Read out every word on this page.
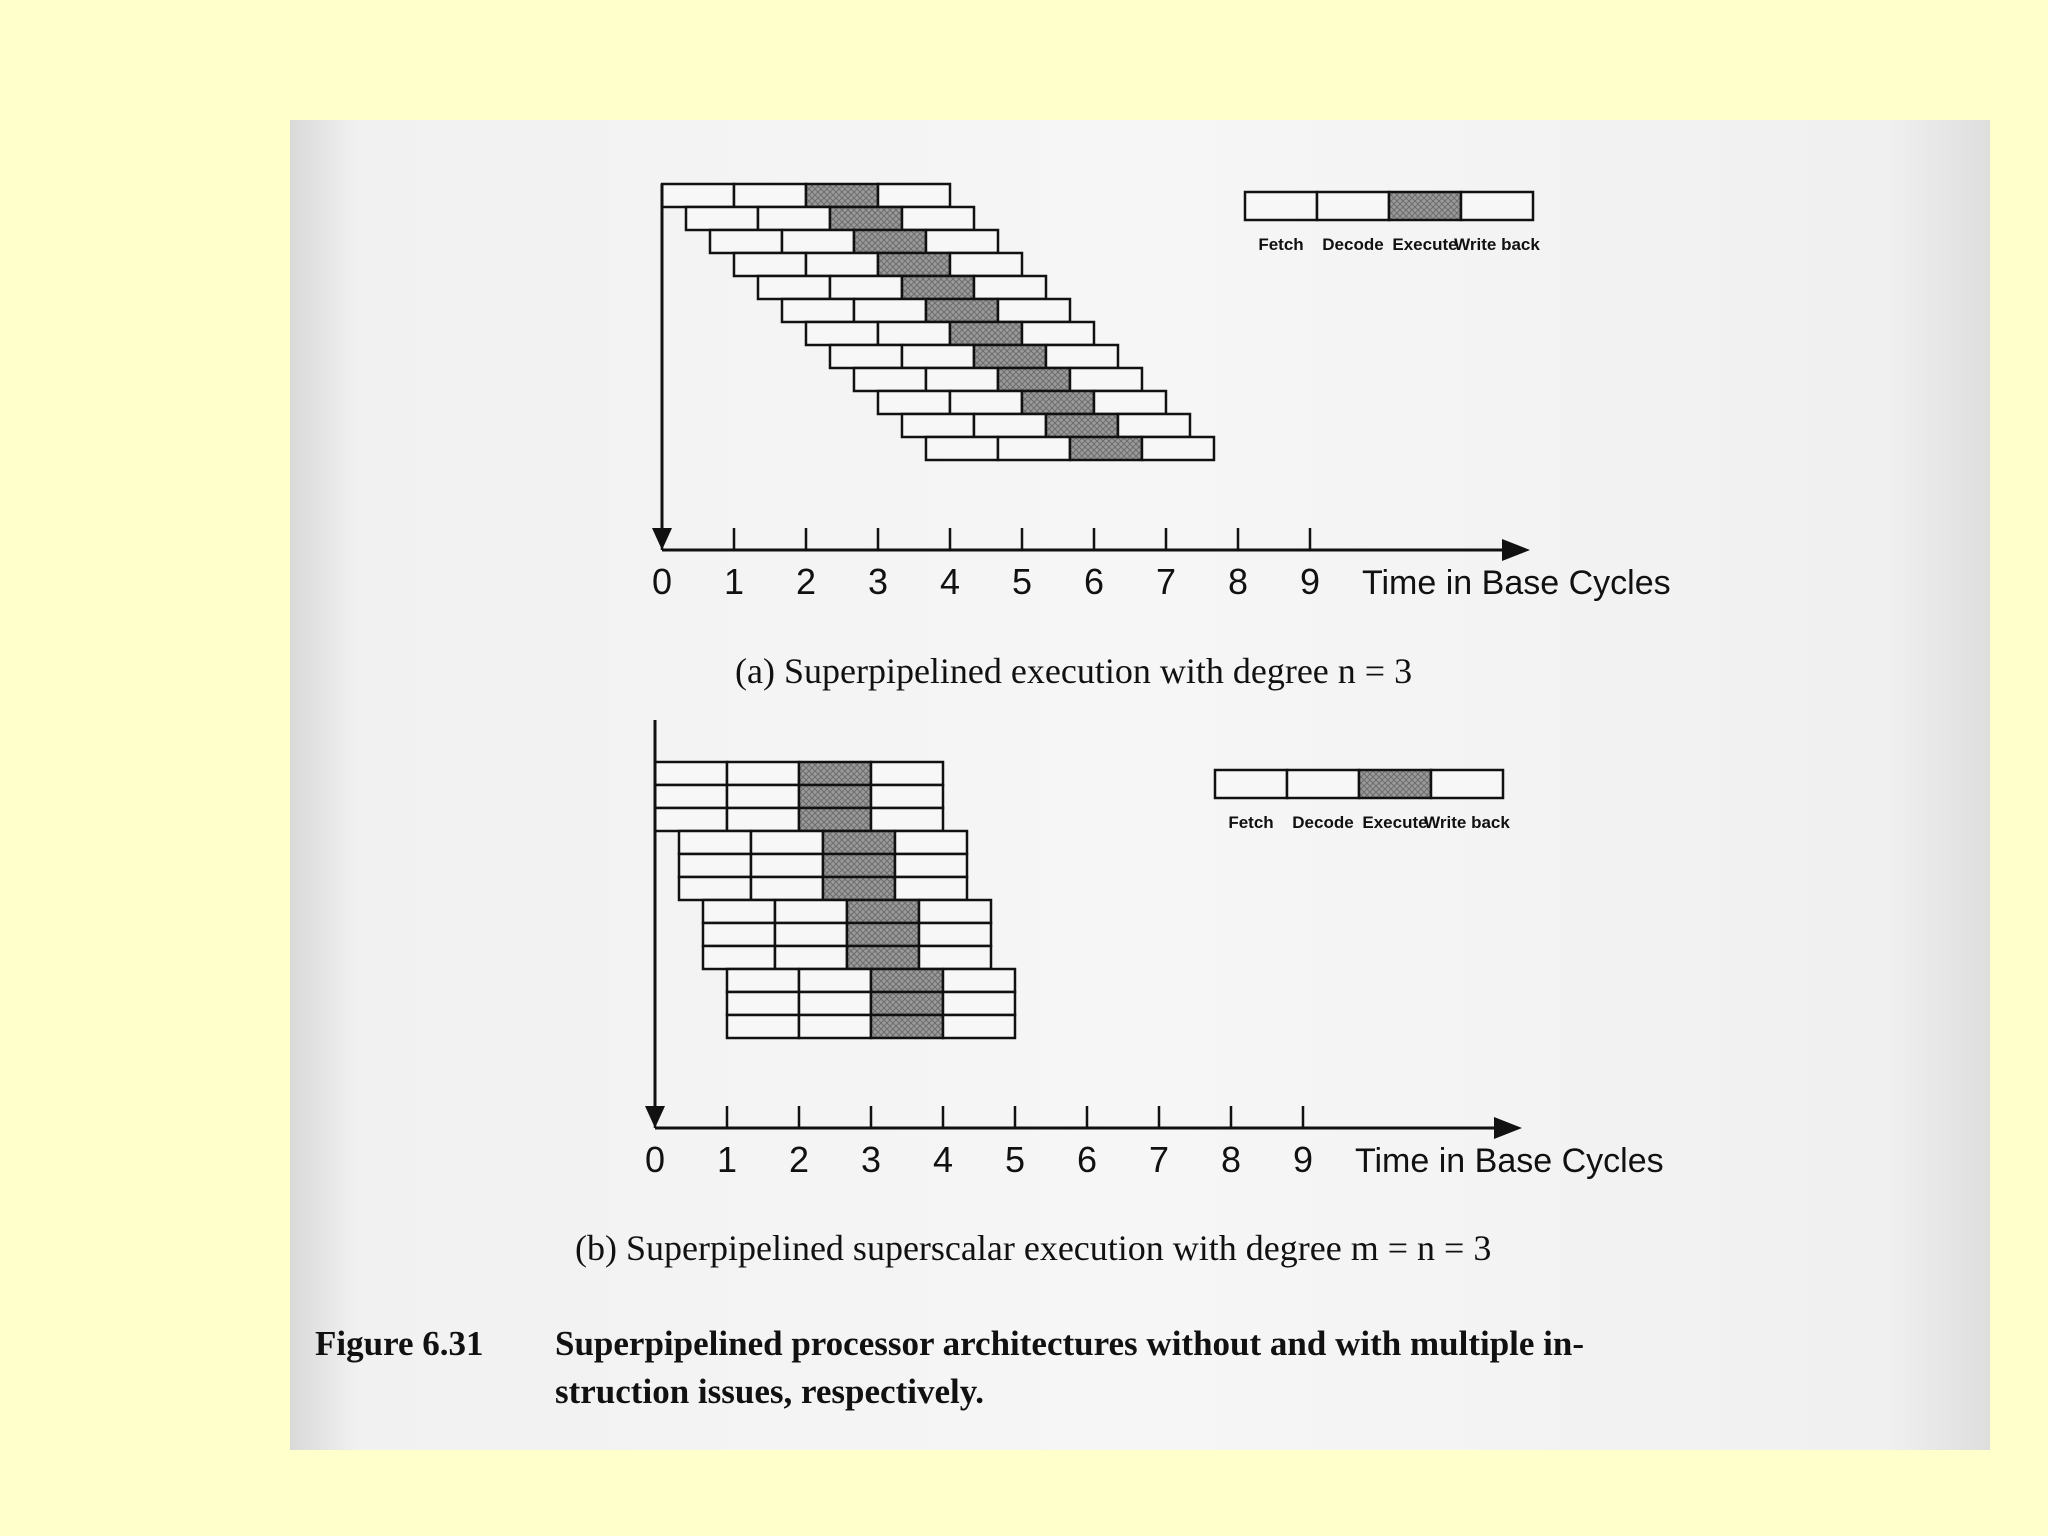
0 1 2 3 4 5 6 7 8 9 Time in Base Cycles
Fetch Decode Execute
Write back
0 1 2 3 4 5 6 7 8 9 Time in Base Cycles
Fetch Decode Execute
Write back
(a) Superpipelined execution with degree n = 3
(b) Superpipelined superscalar execution with degree m = n = 3
Figure 6.31 Superpipelined processor architectures without and with multiple in-
struction issues, respectively.
